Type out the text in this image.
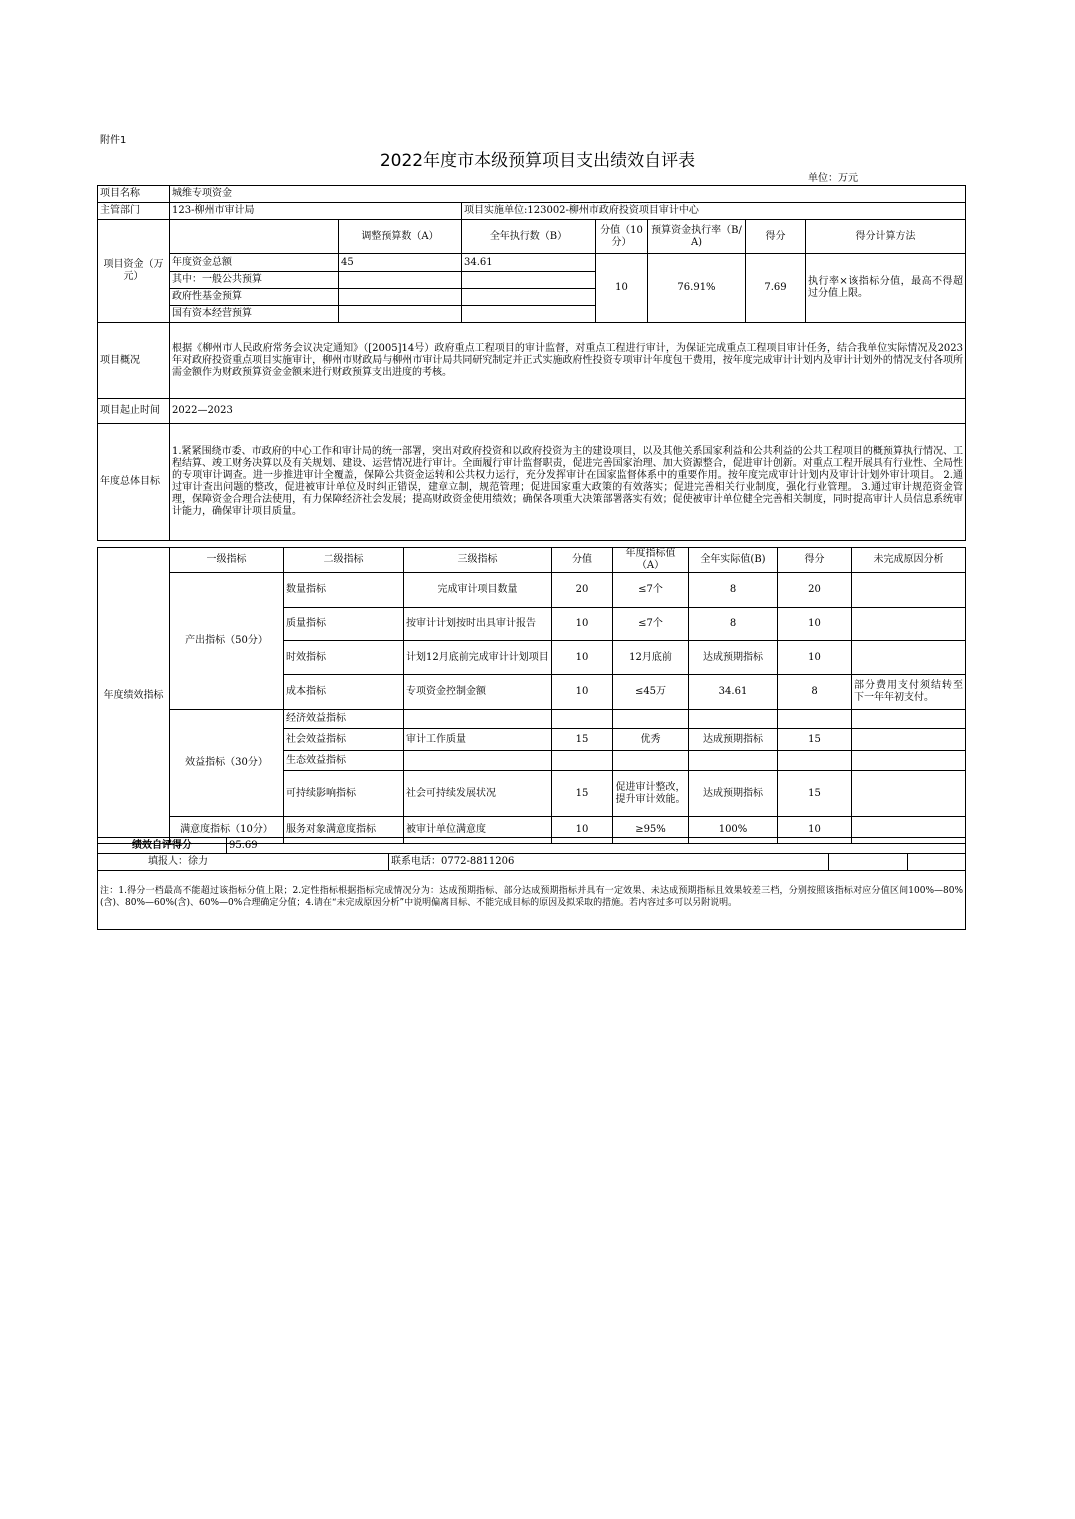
附件1
2022年度市本级预算项目支出绩效自评表
单位：万元
项目名称	城维专项资金						
主管部门	123-柳州市审计局		项目实施单位:123002-柳州市政府投资项目审计中心				
项目资金（万元）		调整预算数（A）	全年执行数（B）	分值（10分）	预算资金执行率（B/A)	得分	得分计算方法
	年度资金总额	45	34.61	10	76.91%	7.69	执行率×该指标分值，最高不得超过分值上限。
	其中：一般公共预算						
	政府性基金预算						
	国有资本经营预算						
项目概况	根据《柳州市人民政府常务会议决定通知》（[2005]14号）政府重点工程项目的审计监督，对重点工程进行审计，为保证完成重点工程项目审计任务，结合我单位实际情况及2023年对政府投资重点项目实施审计，柳州市财政局与柳州市审计局共同研究制定并正式实施政府性投资专项审计年度包干费用，按年度完成审计计划内及审计计划外的情况支付各项所需金额作为财政预算资金金额来进行财政预算支出进度的考核。						
项目起止时间	2022—2023						
年度总体目标	1.紧紧围绕市委、市政府的中心工作和审计局的统一部署，突出对政府投资和以政府投资为主的建设项目，以及其他关系国家利益和公共利益的公共工程项目的概预算执行情况、工程结算、竣工财务决算以及有关规划、建设、运营情况进行审计。全面履行审计监督职责，促进完善国家治理、加大资源整合，促进审计创新。对重点工程开展具有行业性、全局性的专项审计调查。进一步推进审计全覆盖，保障公共资金运转和公共权力运行，充分发挥审计在国家监督体系中的重要作用。按年度完成审计计划内及审计计划外审计项目。 2.通过审计查出问题的整改，促进被审计单位及时纠正错误，建章立制，规范管理；促进国家重大政策的有效落实；促进完善相关行业制度，强化行业管理。 3.通过审计规范资金管理，保障资金合理合法使用，有力保障经济社会发展；提高财政资金使用绩效；确保各项重大决策部署落实有效；促使被审计单位健全完善相关制度，同时提高审计人员信息系统审计能力，确保审计项目质量。						
年度绩效指标	一级指标	二级指标	三级指标	分值	年度指标值（A）	全年实际值(B)	得分	未完成原因分析
	产出指标（50分）	数量指标	完成审计项目数量	20	≤7个	8	20	
		质量指标	按审计计划按时出具审计报告	10	≤7个	8	10	
		时效指标	计划12月底前完成审计计划项目	10	12月底前	达成预期指标	10	
		成本指标	专项资金控制金额	10	≤45万	34.61	8	部分费用支付须结转至下一年年初支付。
	效益指标（30分）	经济效益指标						
		社会效益指标	审计工作质量	15	优秀	达成预期指标	15	
		生态效益指标						
		可持续影响指标	社会可持续发展状况	15	促进审计整改，提升审计效能。	达成预期指标	15	
	满意度指标（10分）	服务对象满意度指标	被审计单位满意度	10	≥95%	100%	10	
绩效自评得分	95.69			
填报人：徐力		联系电话：0772-8811206		
注：1.得分一档最高不能超过该指标分值上限；2.定性指标根据指标完成情况分为：达成预期指标、部分达成预期指标并具有一定效果、未达成预期指标且效果较差三档，分别按照该指标对应分值区间100%—80%(含)、80%—60%(含)、60%—0%合理确定分值；4.请在“未完成原因分析”中说明偏离目标、不能完成目标的原因及拟采取的措施。若内容过多可以另附说明。				
